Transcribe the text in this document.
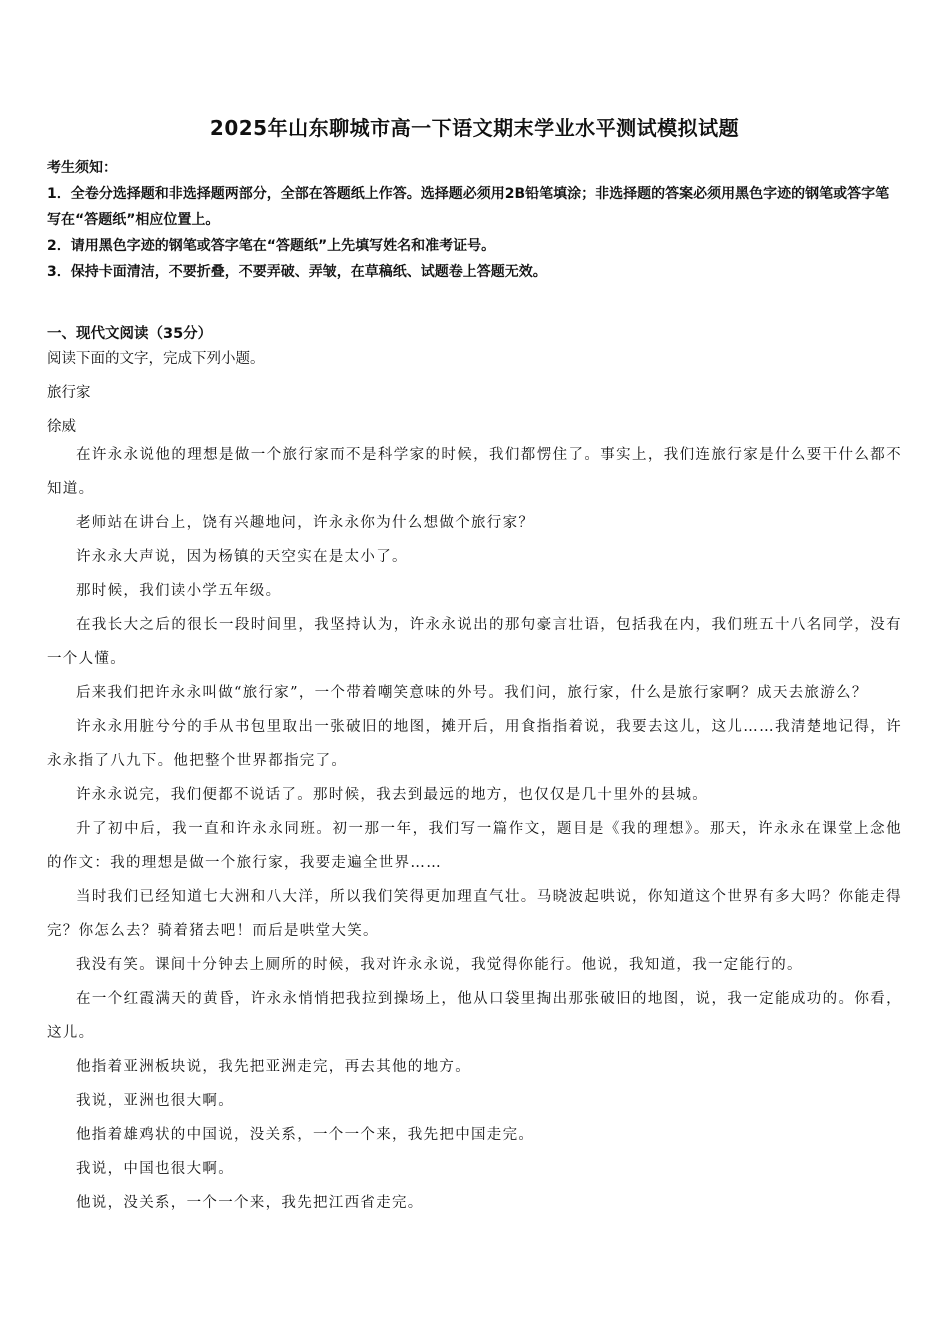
2025年山东聊城市高一下语文期末学业水平测试模拟试题

考生须知：

1．全卷分选择题和非选择题两部分，全部在答题纸上作答。选择题必须用2B铅笔填涂；非选择题的答案必须用黑色字迹的钢笔或答字笔写在“答题纸”相应位置上。

2．请用黑色字迹的钢笔或答字笔在“答题纸”上先填写姓名和准考证号。

3．保持卡面清洁，不要折叠，不要弄破、弄皱，在草稿纸、试题卷上答题无效。

一、现代文阅读（35分）
阅读下面的文字，完成下列小题。
旅行家
徐威

在许永永说他的理想是做一个旅行家而不是科学家的时候，我们都愣住了。事实上，我们连旅行家是什么要干什么都不知道。

老师站在讲台上，饶有兴趣地问，许永永你为什么想做个旅行家？

许永永大声说，因为杨镇的天空实在是太小了。

那时候，我们读小学五年级。

在我长大之后的很长一段时间里，我坚持认为，许永永说出的那句豪言壮语，包括我在内，我们班五十八名同学，没有一个人懂。

后来我们把许永永叫做“旅行家”，一个带着嘲笑意味的外号。我们问，旅行家，什么是旅行家啊？成天去旅游么？

许永永用脏兮兮的手从书包里取出一张破旧的地图，摊开后，用食指指着说，我要去这儿，这儿……我清楚地记得，许永永指了八九下。他把整个世界都指完了。

许永永说完，我们便都不说话了。那时候，我去到最远的地方，也仅仅是几十里外的县城。

升了初中后，我一直和许永永同班。初一那一年，我们写一篇作文，题目是《我的理想》。那天，许永永在课堂上念他的作文：我的理想是做一个旅行家，我要走遍全世界……

当时我们已经知道七大洲和八大洋，所以我们笑得更加理直气壮。马晓波起哄说，你知道这个世界有多大吗？你能走得完？你怎么去？骑着猪去吧！而后是哄堂大笑。

我没有笑。课间十分钟去上厕所的时候，我对许永永说，我觉得你能行。他说，我知道，我一定能行的。

在一个红霞满天的黄昏，许永永悄悄把我拉到操场上，他从口袋里掏出那张破旧的地图，说，我一定能成功的。你看，这儿。

他指着亚洲板块说，我先把亚洲走完，再去其他的地方。

我说，亚洲也很大啊。

他指着雄鸡状的中国说，没关系，一个一个来，我先把中国走完。

我说，中国也很大啊。

他说，没关系，一个一个来，我先把江西省走完。
